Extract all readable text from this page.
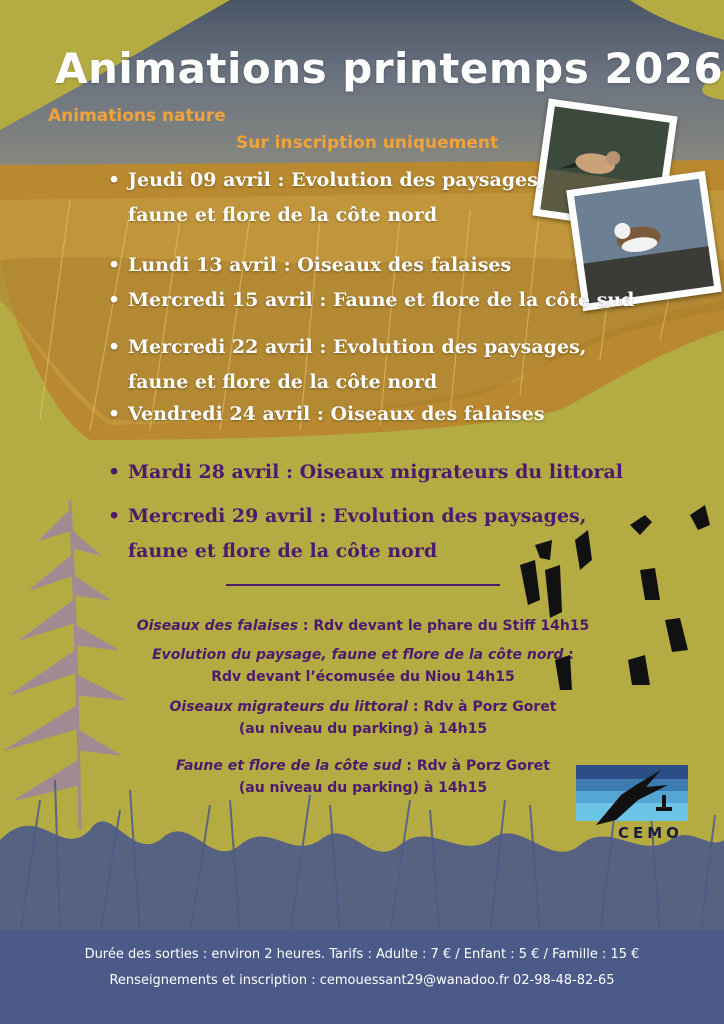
Animations printemps 2026
Animations nature
Sur inscription uniquement
• Jeudi 09 avril : Evolution des paysages,
faune et flore de la côte nord
• Lundi 13 avril : Oiseaux des falaises
• Mercredi 15 avril : Faune et flore de la côte sud
• Mercredi 22 avril : Evolution des paysages,
faune et flore de la côte nord
• Vendredi 24 avril : Oiseaux des falaises
• Mardi 28 avril : Oiseaux migrateurs du littoral
• Mercredi 29 avril : Evolution des paysages,
faune et flore de la côte nord
Oiseaux des falaises : Rdv devant le phare du Stiff 14h15
Evolution du paysage, faune et flore de la côte nord :
Rdv devant l’écomusée du Niou 14h15
Oiseaux migrateurs du littoral : Rdv à Porz Goret
(au niveau du parking) à 14h15
Faune et flore de la côte sud : Rdv à Porz Goret
(au niveau du parking) à 14h15
CEMO
Durée des sorties : environ 2 heures. Tarifs : Adulte : 7 € / Enfant : 5 € / Famille : 15 €
Renseignements et inscription : cemouessant29@wanadoo.fr 02-98-48-82-65
